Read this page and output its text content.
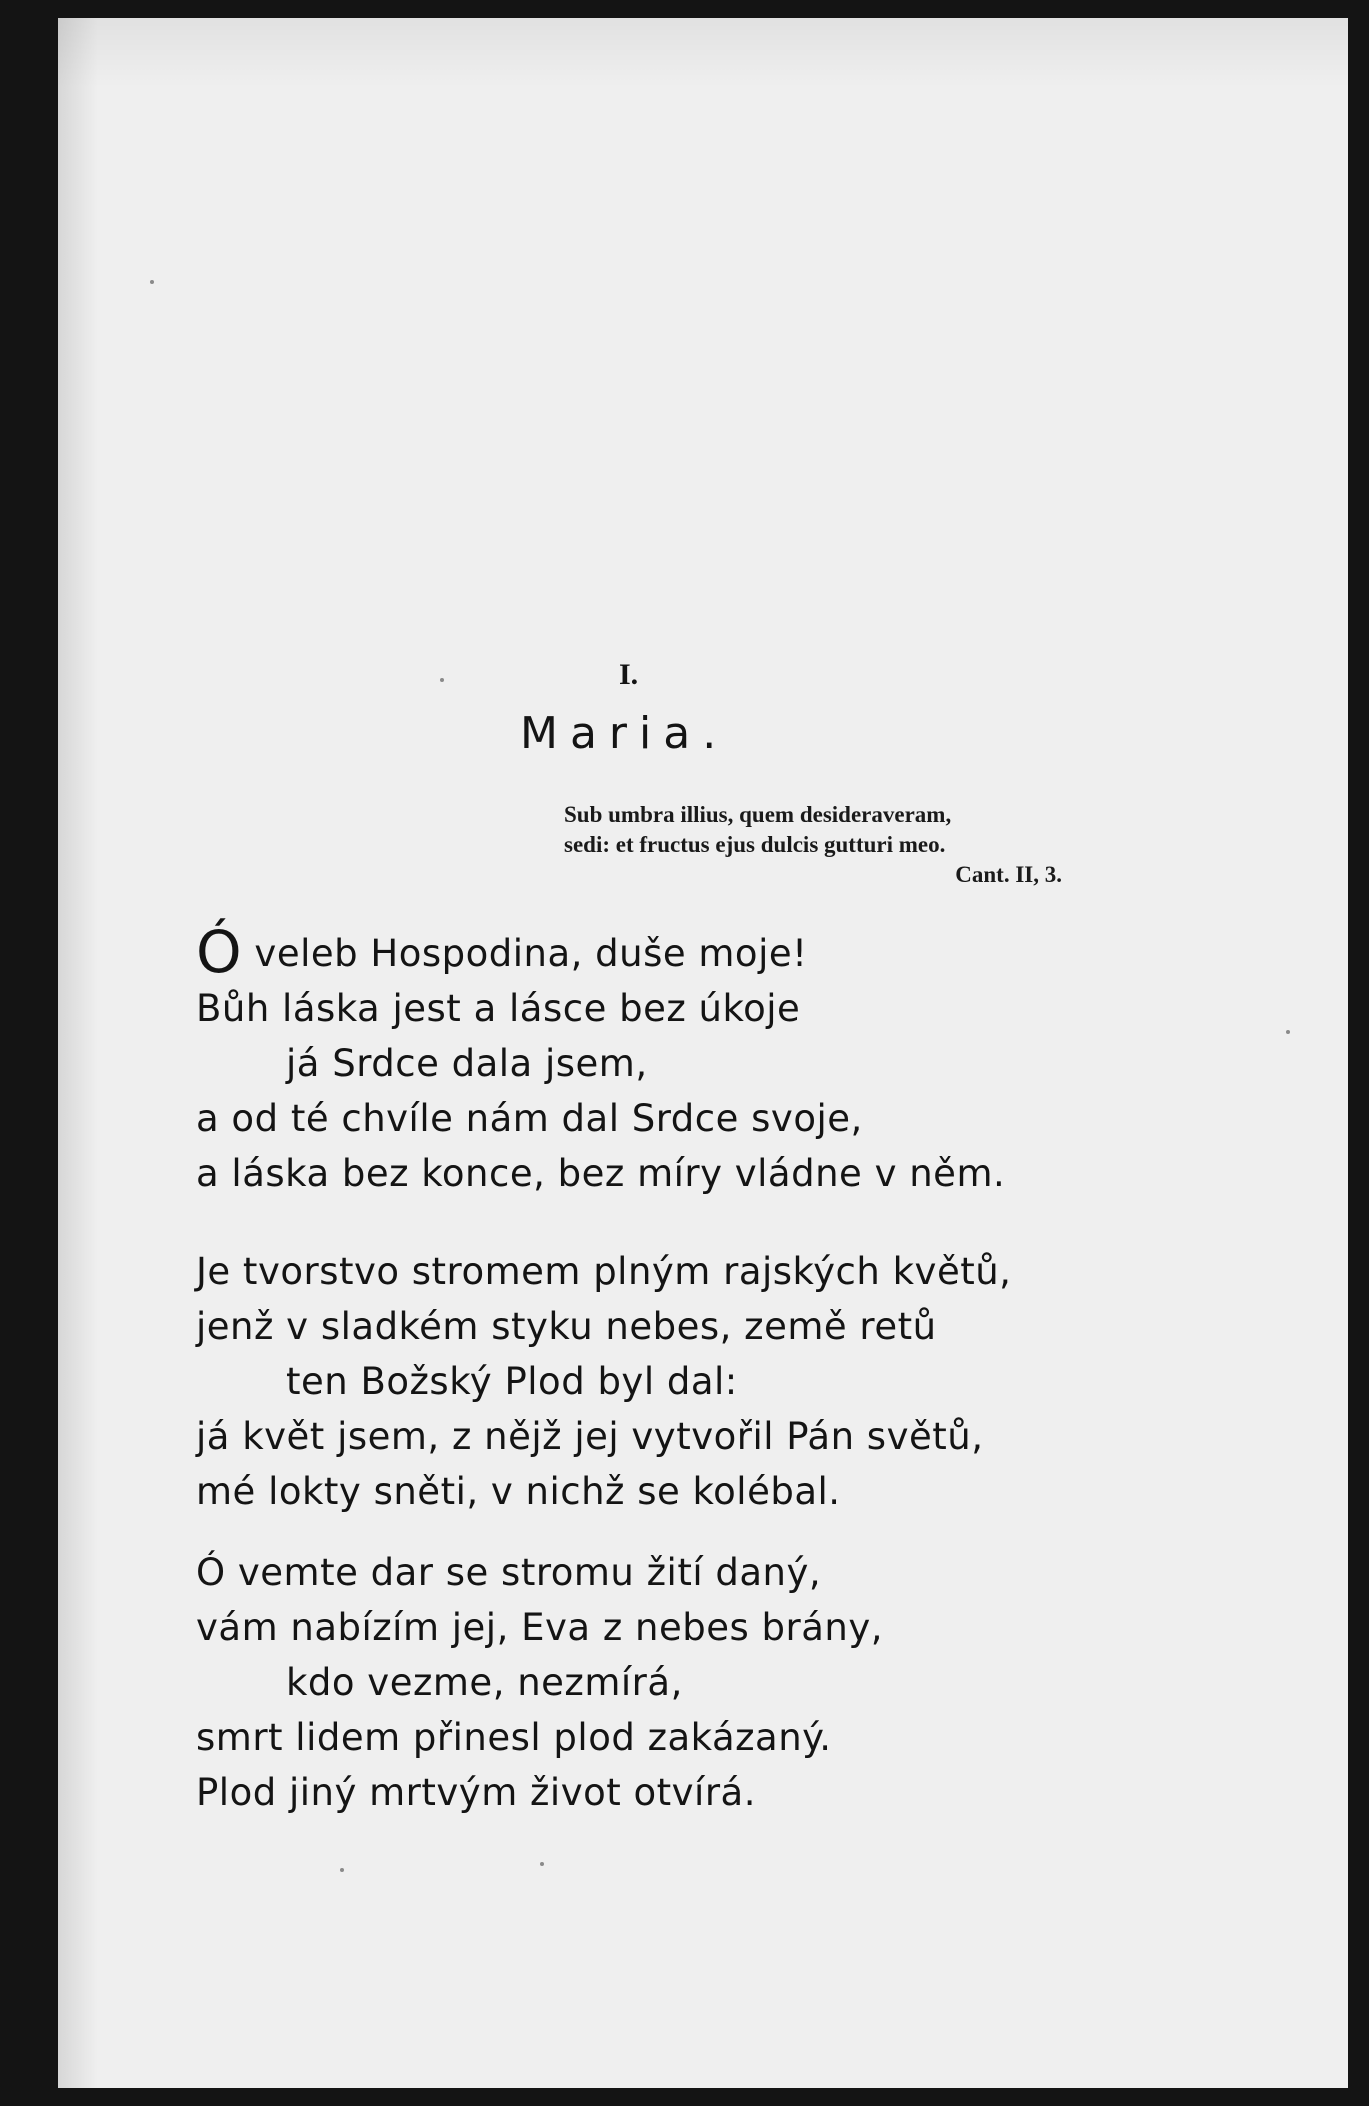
I.
Maria.
Sub umbra illius, quem desideraveram,
sedi: et fructus ejus dulcis gutturi meo.
Cant. II, 3.
Ó veleb Hospodina, duše moje!
Bůh láska jest a lásce bez úkoje
já Srdce dala jsem,
a od té chvíle nám dal Srdce svoje,
a láska bez konce, bez míry vládne v něm.
Je tvorstvo stromem plným rajských květů,
jenž v sladkém styku nebes, země retů
ten Božský Plod byl dal:
já květ jsem, z nějž jej vytvořil Pán světů,
mé lokty sněti, v nichž se kolébal.
Ó vemte dar se stromu žití daný,
vám nabízím jej, Eva z nebes brány,
kdo vezme, nezmírá,
smrt lidem přinesl plod zakázaný.
Plod jiný mrtvým život otvírá.
